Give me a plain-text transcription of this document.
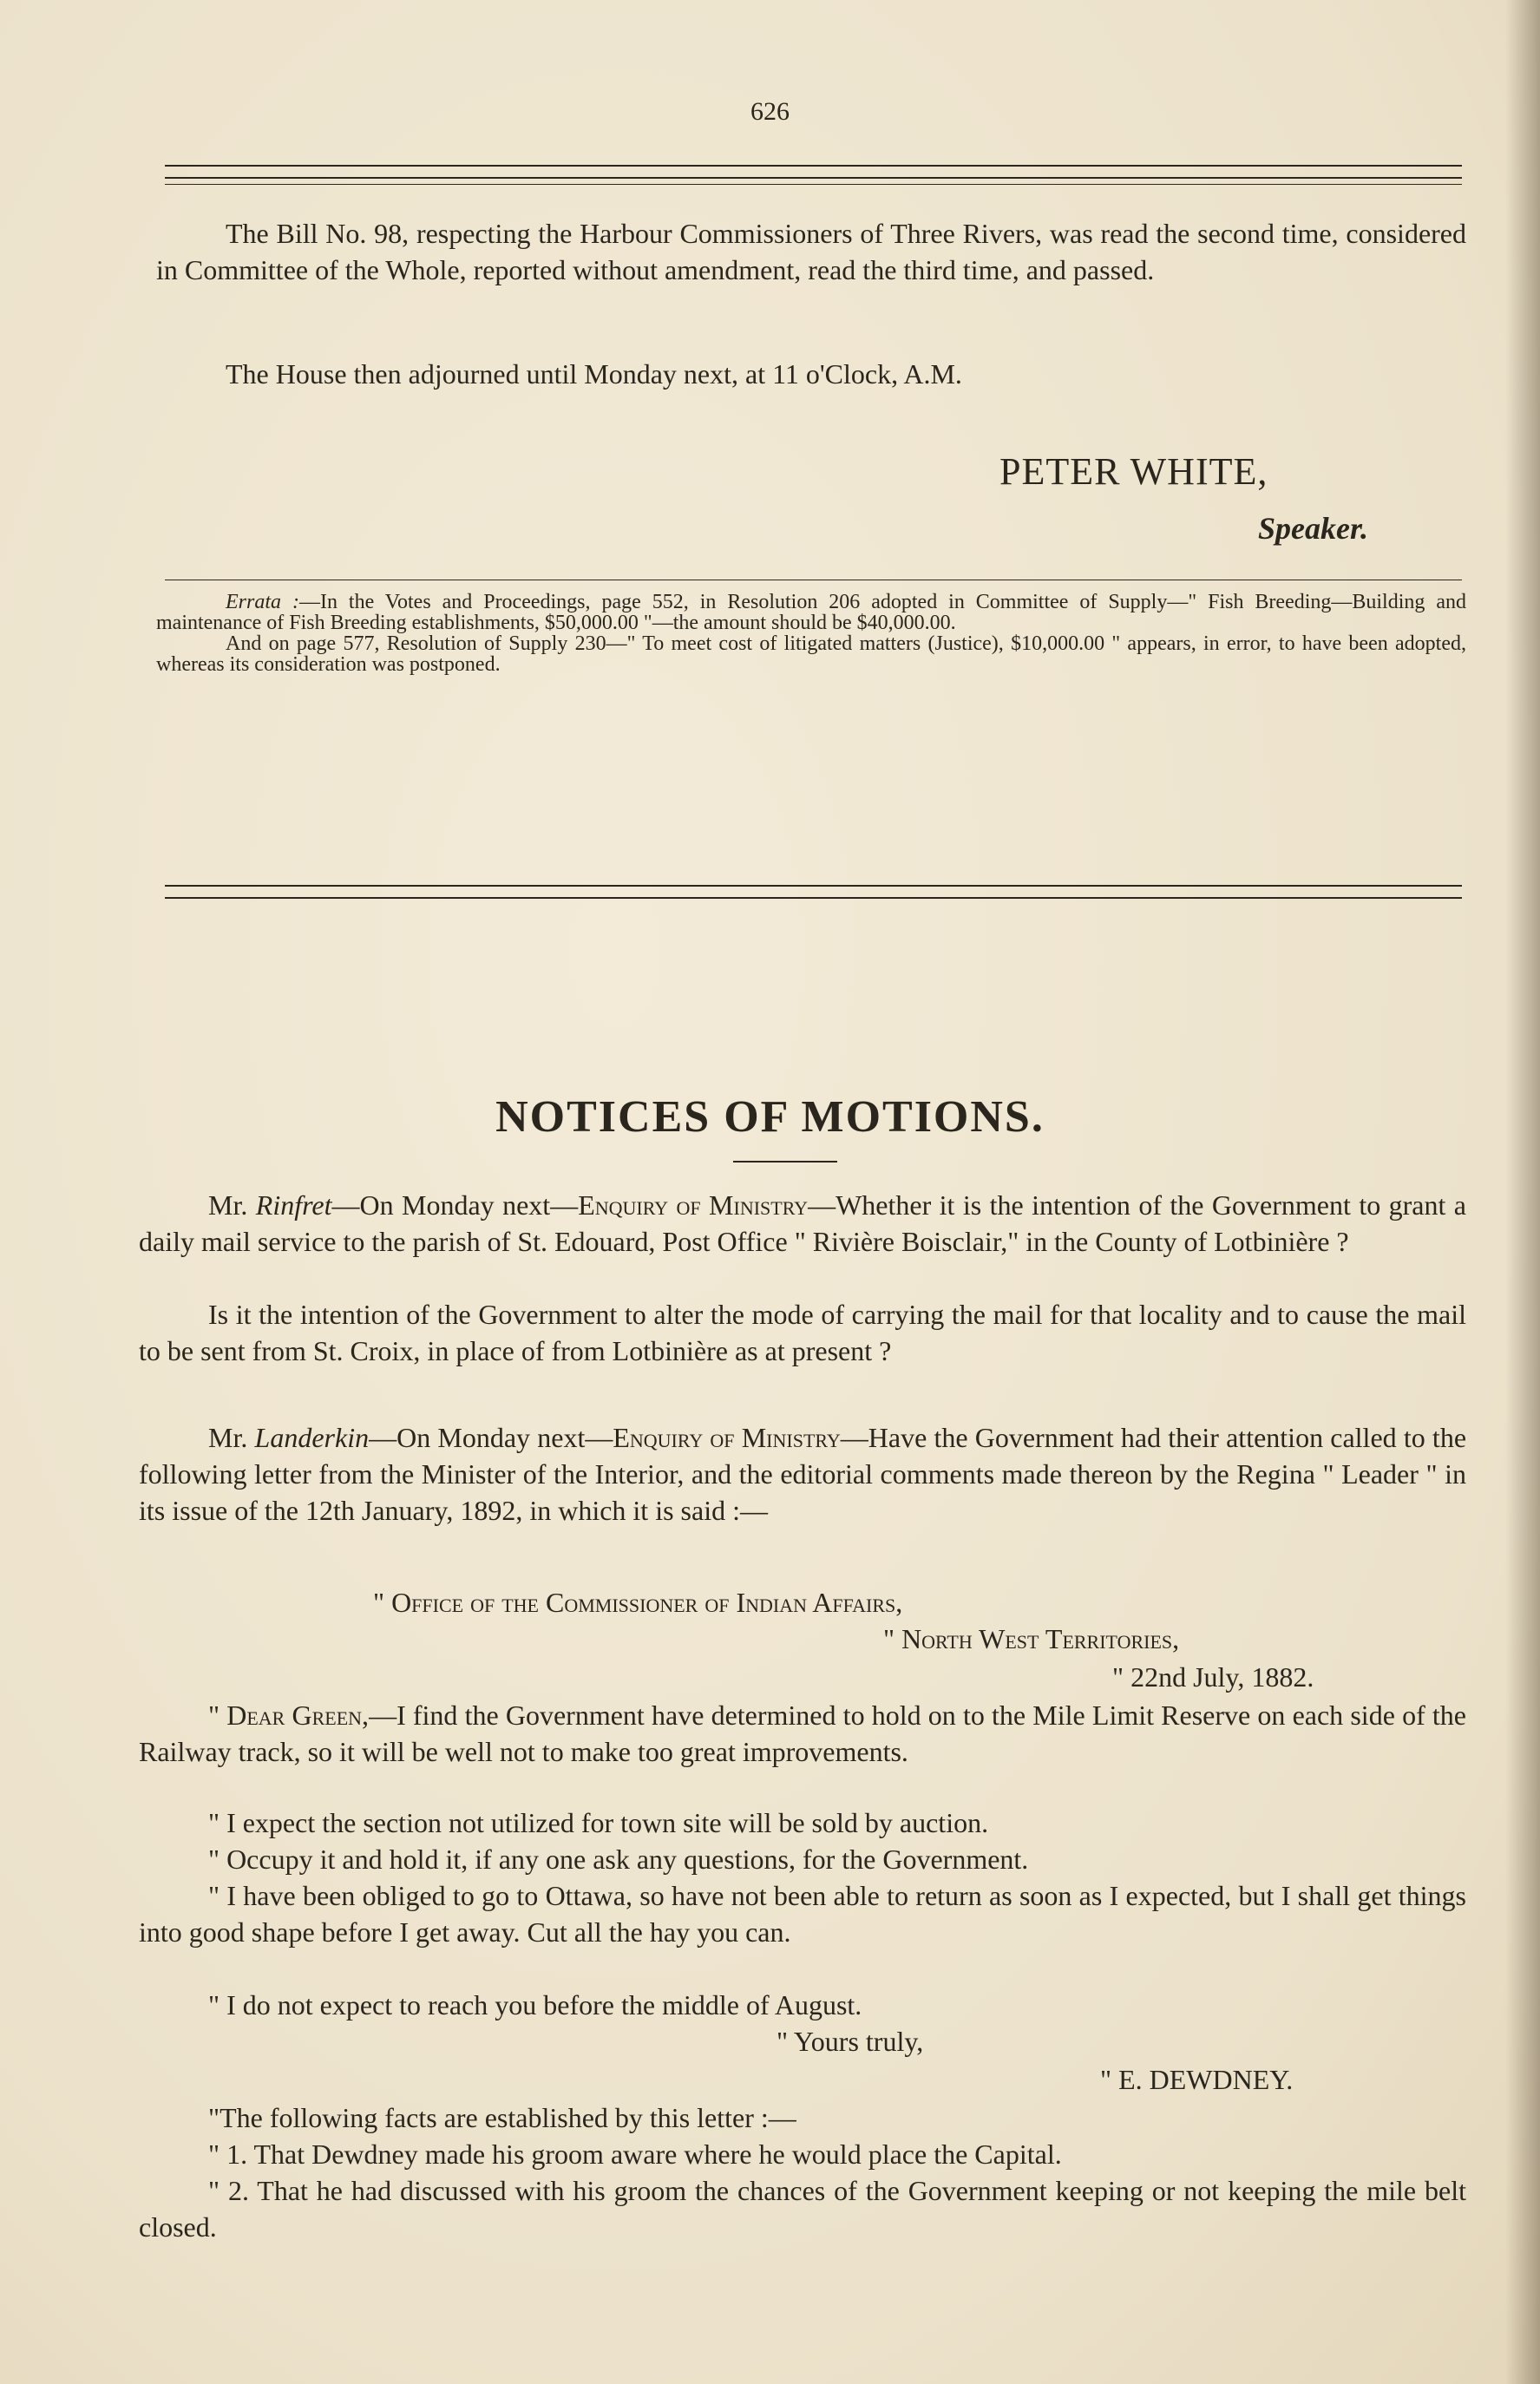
626
The Bill No. 98, respecting the Harbour Commissioners of Three Rivers, was read the second time, considered in Committee of the Whole, reported without amendment, read the third time, and passed.
The House then adjourned until Monday next, at 11 o'Clock, A.M.
PETER WHITE,
Speaker.
Errata :—In the Votes and Proceedings, page 552, in Resolution 206 adopted in Committee of Supply—" Fish Breeding—Building and maintenance of Fish Breeding establishments, $50,000.00 "—the amount should be $40,000.00.
And on page 577, Resolution of Supply 230—" To meet cost of litigated matters (Justice), $10,000.00 " appears, in error, to have been adopted, whereas its consideration was postponed.
NOTICES OF MOTIONS.
Mr. Rinfret—On Monday next—Enquiry of Ministry—Whether it is the intention of the Government to grant a daily mail service to the parish of St. Edouard, Post Office " Rivière Boisclair," in the County of Lotbinière ?
Is it the intention of the Government to alter the mode of carrying the mail for that locality and to cause the mail to be sent from St. Croix, in place of from Lotbinière as at present ?
Mr. Landerkin—On Monday next—Enquiry of Ministry—Have the Government had their attention called to the following letter from the Minister of the Interior, and the editorial comments made thereon by the Regina " Leader " in its issue of the 12th January, 1892, in which it is said :—
" Office of the Commissioner of Indian Affairs,
" North West Territories,
" 22nd July, 1882.
" Dear Green,—I find the Government have determined to hold on to the Mile Limit Reserve on each side of the Railway track, so it will be well not to make too great improvements.
" I expect the section not utilized for town site will be sold by auction.
" Occupy it and hold it, if any one ask any questions, for the Government.
" I have been obliged to go to Ottawa, so have not been able to return as soon as I expected, but I shall get things into good shape before I get away. Cut all the hay you can.
" I do not expect to reach you before the middle of August.
" Yours truly,
" E. DEWDNEY.
"The following facts are established by this letter :—
" 1. That Dewdney made his groom aware where he would place the Capital.
" 2. That he had discussed with his groom the chances of the Government keeping or not keeping the mile belt closed.
